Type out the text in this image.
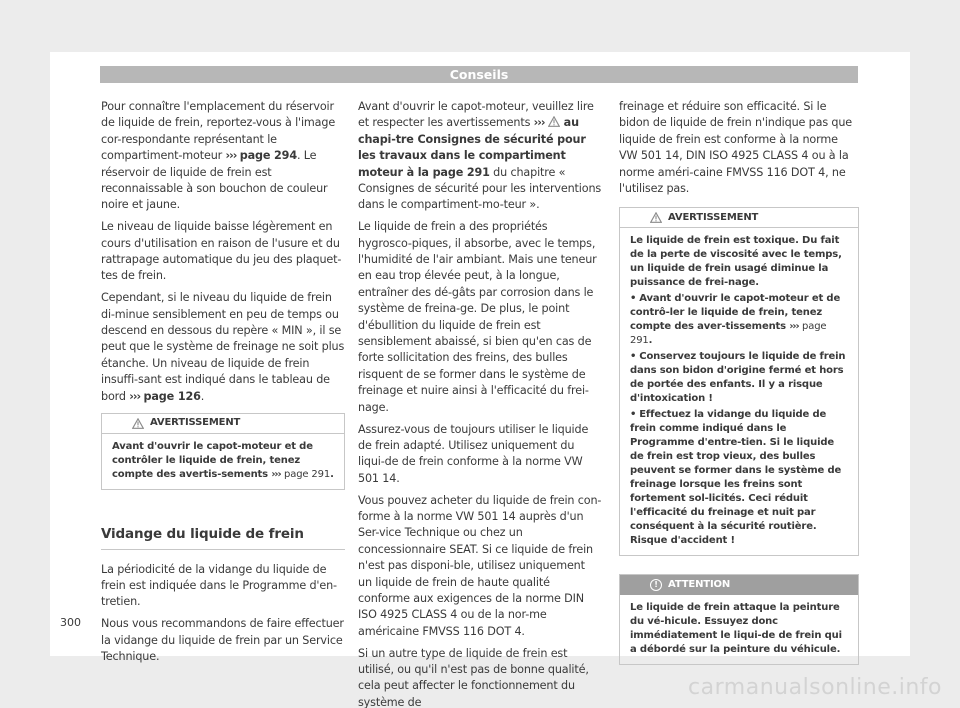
Conseils

Pour connaître l'emplacement du réservoir de liquide de frein, reportez-vous à l'image cor-respondante représentant le compartiment-moteur ››› page 294. Le réservoir de liquide de frein est reconnaissable à son bouchon de couleur noire et jaune.

Le niveau de liquide baisse légèrement en cours d'utilisation en raison de l'usure et du rattrapage automatique du jeu des plaquet-tes de frein.

Cependant, si le niveau du liquide de frein di-minue sensiblement en peu de temps ou descend en dessous du repère « MIN », il se peut que le système de freinage ne soit plus étanche. Un niveau de liquide de frein insuffi-sant est indiqué dans le tableau de bord ››› page 126.

AVERTISSEMENT
Avant d'ouvrir le capot-moteur et de contrôler le liquide de frein, tenez compte des avertis-sements ››› page 291.
Vidange du liquide de frein

La périodicité de la vidange du liquide de frein est indiquée dans le Programme d'en-tretien.

Nous vous recommandons de faire effectuer la vidange du liquide de frein par un Service Technique.

Avant d'ouvrir le capot-moteur, veuillez lire et respecter les avertissements ›››  au chapi-tre Consignes de sécurité pour les travaux dans le compartiment moteur à la page 291 du chapitre « Consignes de sécurité pour les interventions dans le compartiment-mo-teur ».

Le liquide de frein a des propriétés hygrosco-piques, il absorbe, avec le temps, l'humidité de l'air ambiant. Mais une teneur en eau trop élevée peut, à la longue, entraîner des dé-gâts par corrosion dans le système de freina-ge. De plus, le point d'ébullition du liquide de frein est sensiblement abaissé, si bien qu'en cas de forte sollicitation des freins, des bulles risquent de se former dans le système de freinage et nuire ainsi à l'efficacité du frei-nage.

Assurez-vous de toujours utiliser le liquide de frein adapté. Utilisez uniquement du liqui-de de frein conforme à la norme VW 501 14.

Vous pouvez acheter du liquide de frein con-forme à la norme VW 501 14 auprès d'un Ser-vice Technique ou chez un concessionnaire SEAT. Si ce liquide de frein n'est pas disponi-ble, utilisez uniquement un liquide de frein de haute qualité conforme aux exigences de la norme DIN ISO 4925 CLASS 4 ou de la nor-me américaine FMVSS 116 DOT 4.

Si un autre type de liquide de frein est utilisé, ou qu'il n'est pas de bonne qualité, cela peut affecter le fonctionnement du système de

freinage et réduire son efficacité. Si le bidon de liquide de frein n'indique pas que liquide de frein est conforme à la norme VW 501 14, DIN ISO 4925 CLASS 4 ou à la norme améri-caine FMVSS 116 DOT 4, ne l'utilisez pas.

AVERTISSEMENT
Le liquide de frein est toxique. Du fait de la perte de viscosité avec le temps, un liquide de frein usagé diminue la puissance de frei-nage.
• Avant d'ouvrir le capot-moteur et de contrô-ler le liquide de frein, tenez compte des aver-tissements ››› page 291.
• Conservez toujours le liquide de frein dans son bidon d'origine fermé et hors de portée des enfants. Il y a risque d'intoxication !
• Effectuez la vidange du liquide de frein comme indiqué dans le Programme d'entre-tien. Si le liquide de frein est trop vieux, des bulles peuvent se former dans le système de freinage lorsque les freins sont fortement sol-licités. Ceci réduit l'efficacité du freinage et nuit par conséquent à la sécurité routière. Risque d'accident !
!	ATTENTION
Le liquide de frein attaque la peinture du vé-hicule. Essuyez donc immédiatement le liqui-de de frein qui a débordé sur la peinture du véhicule.
300
carmanualsonline.info
